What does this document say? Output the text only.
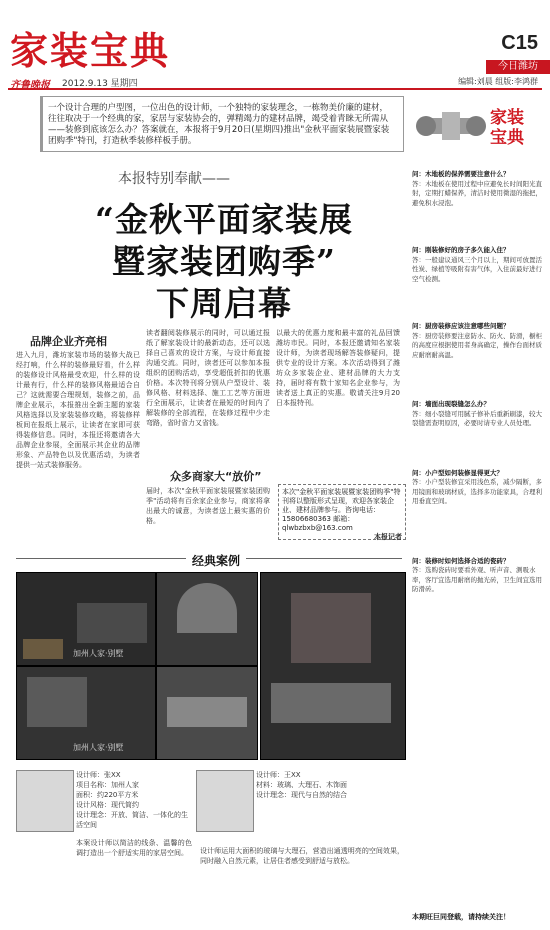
家装宝典	C15
今日潍坊
齐鲁晚报 2012.9.13 星期四	编辑:刘晨 组版:李鸿群
一个设计合理的户型图，一位出色的设计师，一个独特的家装理念，一栋物美价廉的建材，往往取决于一个经典的家，家居与家装协会的，弹精竭力的建材品牌，竭受着青睐无所需从——装修到底该怎么办？答案就在，本报将于9月20日(星期四)推出"金秋平面家装展暨家装团购季"特刊，打造秋季装修样板手册。
本报特别奉献——
“金秋平面家装展
暨家装团购季”
下周启幕
品牌企业齐亮相
进入九月，潍坊家装市场的装修大战已经打响，什么样的装修最好看，什么样的装修设计风格最受欢迎，什么样的设计最有行，什么样的装修风格最适合自己？这就需要合理规划，装修之前，品牌企业展示，本报推出全新主题的家装风格选择以及家装装修攻略，将装修样板间在报纸上展示，让读者在家即可获得装修信息。同时，本报还将邀请各大品牌企业参展，全面展示其企业的品牌形象、产品特色以及优惠活动，为读者提供一站式装修服务。
读者翻阅装修展示的同时，可以通过报纸了解家装设计的最新动态，还可以选择自己喜欢的设计方案，与设计师直接沟通交流。同时，读者还可以参加本报组织的团购活动，享受超低折扣的优惠价格。本次特刊将分别从户型设计、装修风格、材料选择、施工工艺等方面进行全面展示，让读者在最短的时间内了解装修的全部流程，在装修过程中少走弯路，省时省力又省钱。
众多商家大“放价”
届时，本次"金秋平面家装展暨家装团购季"活动将有百余家企业参与，商家将拿出最大的诚意，为读者送上最实惠的价格。
以最大的优惠力度和最丰富的礼品回馈潍坊市民。同时，本报还邀请知名家装设计师，为读者现场解答装修疑问，提供专业的设计方案。本次活动得到了潍坊众多家装企业、建材品牌的大力支持，届时将有数十家知名企业参与，为读者送上真正的实惠。敬请关注9月20日本报特刊。
本次"金秋平面家装展暨家装团购季"特刊将以整版形式呈现，欢迎各家装企业、建材品牌参与。咨询电话：15806680363 邮箱：qlwbzbxb@163.com
本报记者
经典案例
加州人家·别墅
加州人家·别墅
设计师：张XX
项目名称：加州人家
面积：约220平方米
设计风格：现代简约
设计理念：开放、简洁、一体化的生活空间
本案设计师以简洁的线条、温馨的色调打造出一个舒适实用的家居空间。
设计师：王XX
材料：玻璃、大理石、木饰面
设计理念：现代与自然的结合
设计师运用大面积的玻璃与大理石，营造出通透明亮的空间效果，同时融入自然元素，让居住者感受到舒适与放松。
家装
宝典
问：木地板的保养需要注意什么？
答：木地板在使用过程中应避免长时间阳光直射，定期打蜡保养，清洁时使用微湿的拖把，避免积水浸泡。
问：刚装修好的房子多久能入住？
答：一般建议通风三个月以上，期间可放置活性炭、绿植等吸附有害气体，入住前最好进行空气检测。
问：厨房装修应该注意哪些问题？
答：厨房装修要注意防水、防火、防滑，橱柜的高度应根据使用者身高确定，操作台面材质应耐磨耐高温。
问：墙面出现裂缝怎么办？
答：细小裂缝可用腻子修补后重新刷漆，较大裂缝需查明原因，必要时请专业人员处理。
问：小户型如何装修显得更大？
答：小户型装修宜采用浅色系，减少隔断，多用镜面和玻璃材质，选择多功能家具，合理利用垂直空间。
问：装修时如何选择合适的瓷砖？
答：选购瓷砖时要看外观、听声音、测吸水率，客厅宜选用耐磨的抛光砖，卫生间宜选用防滑砖。
本期旺巨同登载，请持续关注！
